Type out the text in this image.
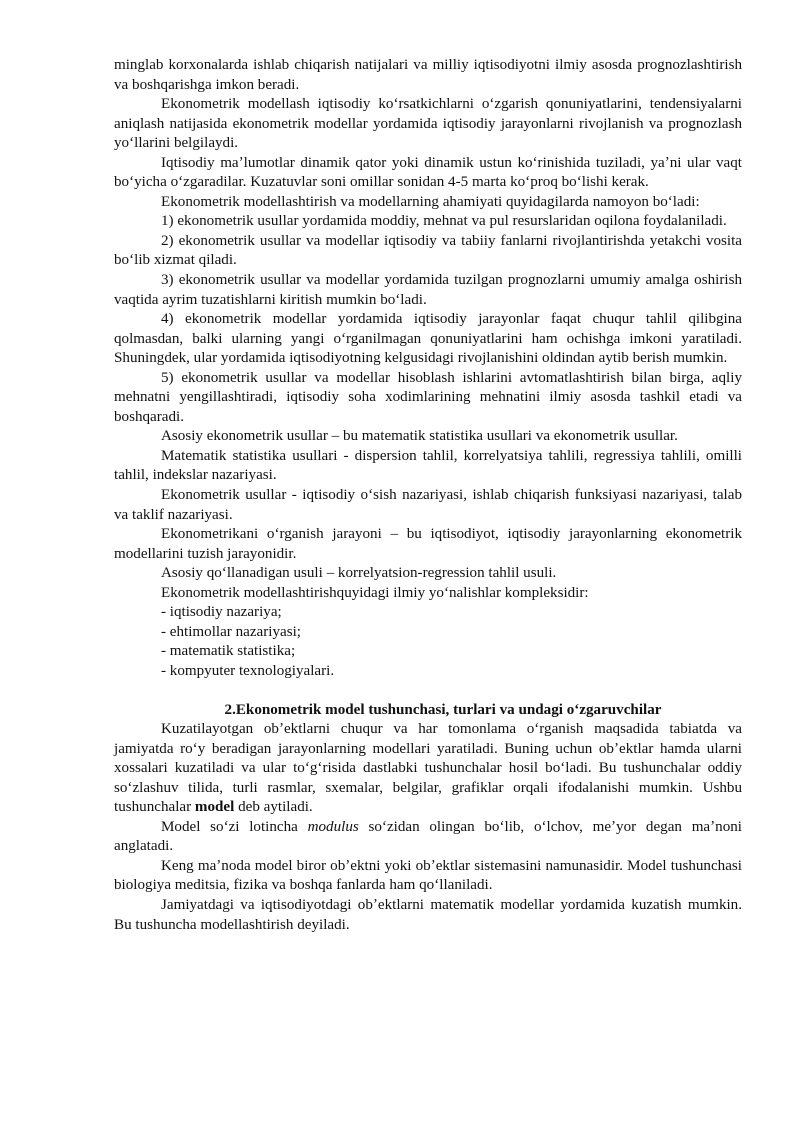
minglab korxonalarda ishlab chiqarish natijalari va milliy iqtisodiyotni ilmiy asosda prognozlashtirish va boshqarishga imkon beradi.

Ekonometrik modellash iqtisodiy koʻrsatkichlarni oʻzgarish qonuniyatlarini, tendensiyalarni aniqlash natijasida ekonometrik modellar yordamida iqtisodiy jarayonlarni rivojlanish va prognozlash yoʻllarini belgilaydi.

Iqtisodiy maʼlumotlar dinamik qator yoki dinamik ustun koʻrinishida tuziladi, yaʼni ular vaqt boʻyicha oʻzgaradilar. Kuzatuvlar soni omillar sonidan 4-5 marta koʻproq boʻlishi kerak.

Ekonometrik modellashtirish va modellarning ahamiyati quyidagilarda namoyon boʻladi:

1) ekonometrik usullar yordamida moddiy, mehnat va pul resurslaridan oqilona foydalaniladi.

2) ekonometrik usullar va modellar iqtisodiy va tabiiy fanlarni rivojlantirishda yetakchi vosita boʻlib xizmat qiladi.

3) ekonometrik usullar va modellar yordamida tuzilgan prognozlarni umumiy amalga oshirish vaqtida ayrim tuzatishlarni kiritish mumkin boʻladi.

4) ekonometrik modellar yordamida iqtisodiy jarayonlar faqat chuqur tahlil qilibgina qolmasdan, balki ularning yangi oʻrganilmagan qonuniyatlarini ham ochishga imkoni yaratiladi. Shuningdek, ular yordamida iqtisodiyotning kelgusidagi rivojlanishini oldindan aytib berish mumkin.

5) ekonometrik usullar va modellar hisoblash ishlarini avtomatlashtirish bilan birga, aqliy mehnatni yengillashtiradi, iqtisodiy soha xodimlarining mehnatini ilmiy asosda tashkil etadi va boshqaradi.

Asosiy ekonometrik usullar – bu matematik statistika usullari va ekonometrik usullar.

Matematik statistika usullari - dispersion tahlil, korrelyatsiya tahlili, regressiya tahlili, omilli tahlil, indekslar nazariyasi.

Ekonometrik usullar - iqtisodiy oʻsish nazariyasi, ishlab chiqarish funksiyasi nazariyasi, talab va taklif nazariyasi.

Ekonometrikani oʻrganish jarayoni – bu iqtisodiyot, iqtisodiy jarayonlarning ekonometrik modellarini tuzish jarayonidir.

Asosiy qoʻllanadigan usuli – korrelyatsion-regression tahlil usuli.

Ekonometrik modellashtirishquyidagi ilmiy yoʻnalishlar kompleksidir:

- iqtisodiy nazariya;

- ehtimollar nazariyasi;

- matematik statistika;

- kompyuter texnologiyalari.

2.Ekonometrik model tushunchasi, turlari va undagi oʻzgaruvchilar

Kuzatilayotgan obʼektlarni chuqur va har tomonlama oʻrganish maqsadida tabiatda va jamiyatda roʻy beradigan jarayonlarning modellari yaratiladi. Buning uchun obʼektlar hamda ularni xossalari kuzatiladi va ular toʻgʻrisida dastlabki tushunchalar hosil boʻladi. Bu tushunchalar oddiy soʻzlashuv tilida, turli rasmlar, sxemalar, belgilar, grafiklar orqali ifodalanishi mumkin. Ushbu tushunchalar model deb aytiladi.

Model soʻzi lotincha modulus soʻzidan olingan boʻlib, oʻlchov, meʼyor degan maʼnoni anglatadi.

Keng maʼnoda model biror obʼektni yoki obʼektlar sistemasini namunasidir. Model tushunchasi biologiya meditsia, fizika va boshqa fanlarda ham qoʻllaniladi.

Jamiyatdagi va iqtisodiyotdagi obʼektlarni matematik modellar yordamida kuzatish mumkin. Bu tushuncha modellashtirish deyiladi.
